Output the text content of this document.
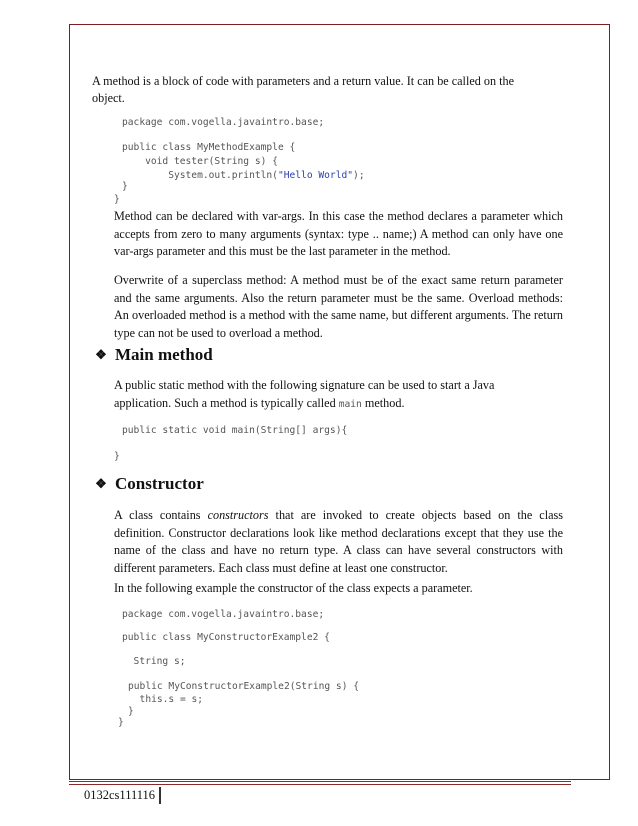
A method is a block of code with parameters and a return value. It can be called on the
object.
package com.vogella.javaintro.base;
public class MyMethodExample {
void tester(String s) {
System.out.println("Hello World");
}
}
Method can be declared with var-args. In this case the method declares a parameter which accepts from zero to many arguments (syntax: type .. name;) A method can only have one var-args parameter and this must be the last parameter in the method.
Overwrite of a superclass method: A method must be of the exact same return parameter and the same arguments. Also the return parameter must be the same. Overload methods: An overloaded method is a method with the same name, but different arguments. The return type can not be used to overload a method.
❖ Main method
A public static method with the following signature can be used to start a Java
application. Such a method is typically called main method.
public static void main(String[] args){
}
❖ Constructor
A class contains constructors that are invoked to create objects based on the class definition. Constructor declarations look like method declarations except that they use the name of the class and have no return type. A class can have several constructors with different parameters. Each class must define at least one constructor.
In the following example the constructor of the class expects a parameter.
package com.vogella.javaintro.base;
public class MyConstructorExample2 {
String s;
public MyConstructorExample2(String s) {
this.s = s;
}
}
0132cs111116
